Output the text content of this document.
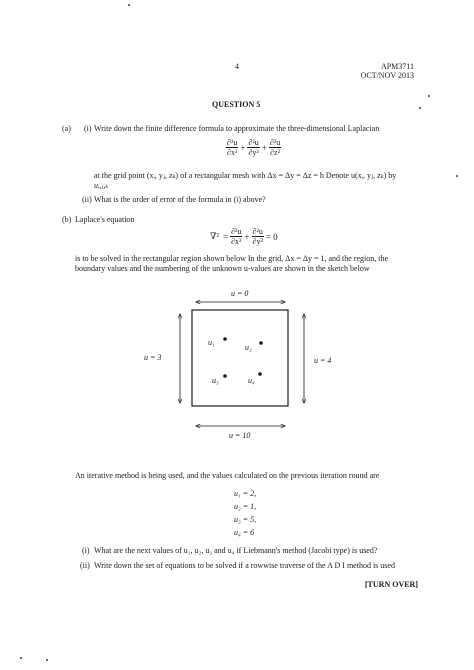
4	APM3711
OCT/NOV 2013
QUESTION 5
(a) (i) Write down the finite difference formula to approximate the three-dimensional Laplacian
$\frac{\text{∂²u}}{\text{∂x²}} + \frac{\text{∂²u}}{\text{∂y²}} + \frac{\text{∂²u}}{\text{∂z²}}$
at the grid point (xᵢ, yⱼ, zₖ) of a rectangular mesh with Δx = Δy = Δz = h Denote u(xᵢ, yⱼ, zₖ) by
uᵢ,ⱼ,ₖ
(ii) What is the order of error of the formula in (i) above?
(b) Laplace's equation
$\nabla^2 = \frac{\text{∂²u}}{\text{∂x²}} + \frac{\text{∂²u}}{\text{∂y²}} = 0$
is to be solved in the rectangular region shown below In the grid, Δx = Δy = 1, and the region, the
boundary values and the numbering of the unknown u-values are shown in the sketch below
u = 0
u = 10
u = 3	u = 4
u₁
u₂
u₃	u₄
An iterative method is being used, and the values calculated on the previous iteration round are
u₁ = 2,
u₂ = 1,
u₃ = 5,
u₄ = 6
(i) What are the next values of u₁, u₂, u₃ and u₄ if Liebmann's method (Jacobi type) is used?
(ii) Write down the set of equations to be solved if a rowwise traverse of the A D I method is used
[TURN OVER]
